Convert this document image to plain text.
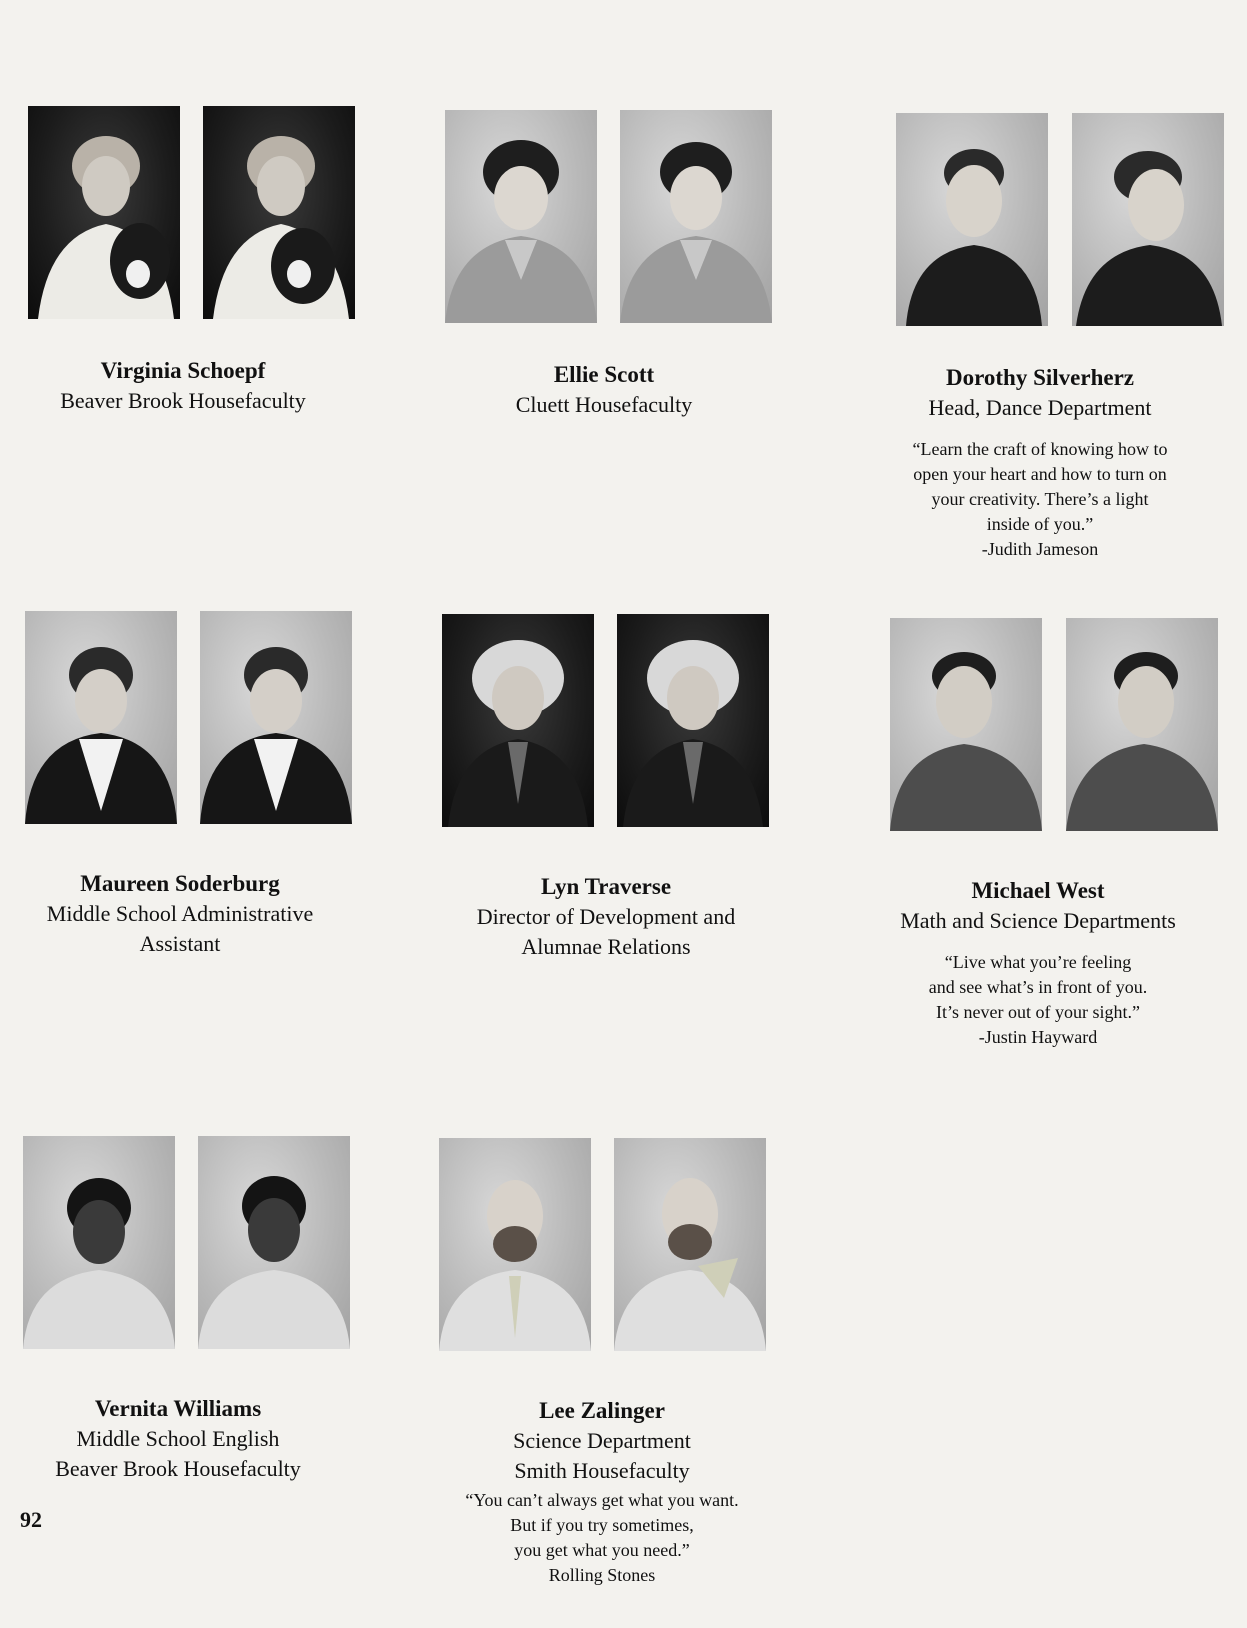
Virginia Schoepf
Beaver Brook Housefaculty
Ellie Scott
Cluett Housefaculty
Dorothy Silverherz
Head, Dance Department
“Learn the craft of knowing how to
open your heart and how to turn on
your creativity. There’s a light
inside of you.”
-Judith Jameson
Maureen Soderburg
Middle School Administrative
Assistant
Lyn Traverse
Director of Development and
Alumnae Relations
Michael West
Math and Science Departments
“Live what you’re feeling
and see what’s in front of you.
It’s never out of your sight.”
-Justin Hayward
Vernita Williams
Middle School English
Beaver Brook Housefaculty
Lee Zalinger
Science Department
Smith Housefaculty
“You can’t always get what you want.
But if you try sometimes,
you get what you need.”
Rolling Stones
92
